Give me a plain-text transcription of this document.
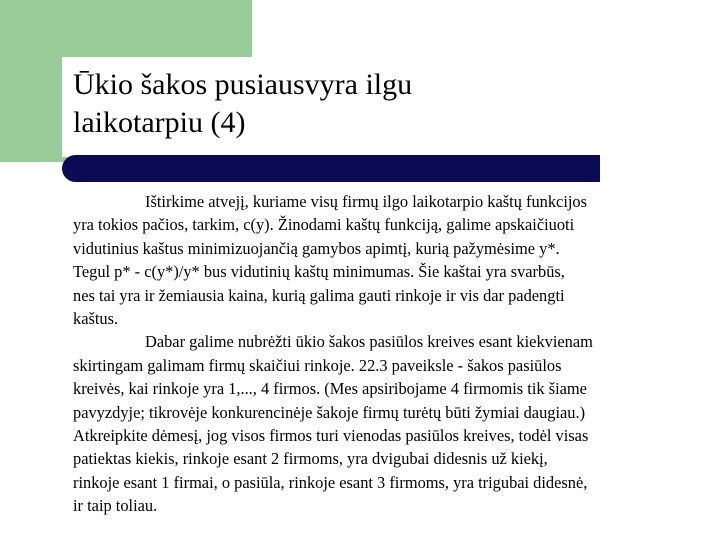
Ūkio šakos pusiausvyra ilgu
laikotarpiu (4)

Ištirkime atvejį, kuriame visų firmų ilgo laikotarpio kaštų funkcijos
yra tokios pačios, tarkim, c(y). Žinodami kaštų funkciją, galime apskaičiuoti
vidutinius kaštus minimizuojančią gamybos apimtį, kurią pažymėsime y*.
Tegul p* - c(y*)/y* bus vidutinių kaštų minimumas. Šie kaštai yra svarbūs,
nes tai yra ir žemiausia kaina, kurią galima gauti rinkoje ir vis dar padengti
kaštus.

Dabar galime nubrėžti ūkio šakos pasiūlos kreives esant kiekvienam
skirtingam galimam firmų skaičiui rinkoje. 22.3 paveiksle - šakos pasiūlos
kreivės, kai rinkoje yra 1,..., 4 firmos. (Mes apsiribojame 4 firmomis tik šiame
pavyzdyje; tikrovėje konkurencinėje šakoje firmų turėtų būti žymiai daugiau.)
Atkreipkite dėmesį, jog visos firmos turi vienodas pasiūlos kreives, todėl visas
patiektas kiekis, rinkoje esant 2 firmoms, yra dvigubai didesnis už kiekį,
rinkoje esant 1 firmai, o pasiūla, rinkoje esant 3 firmoms, yra trigubai didesnė,
ir taip toliau.
